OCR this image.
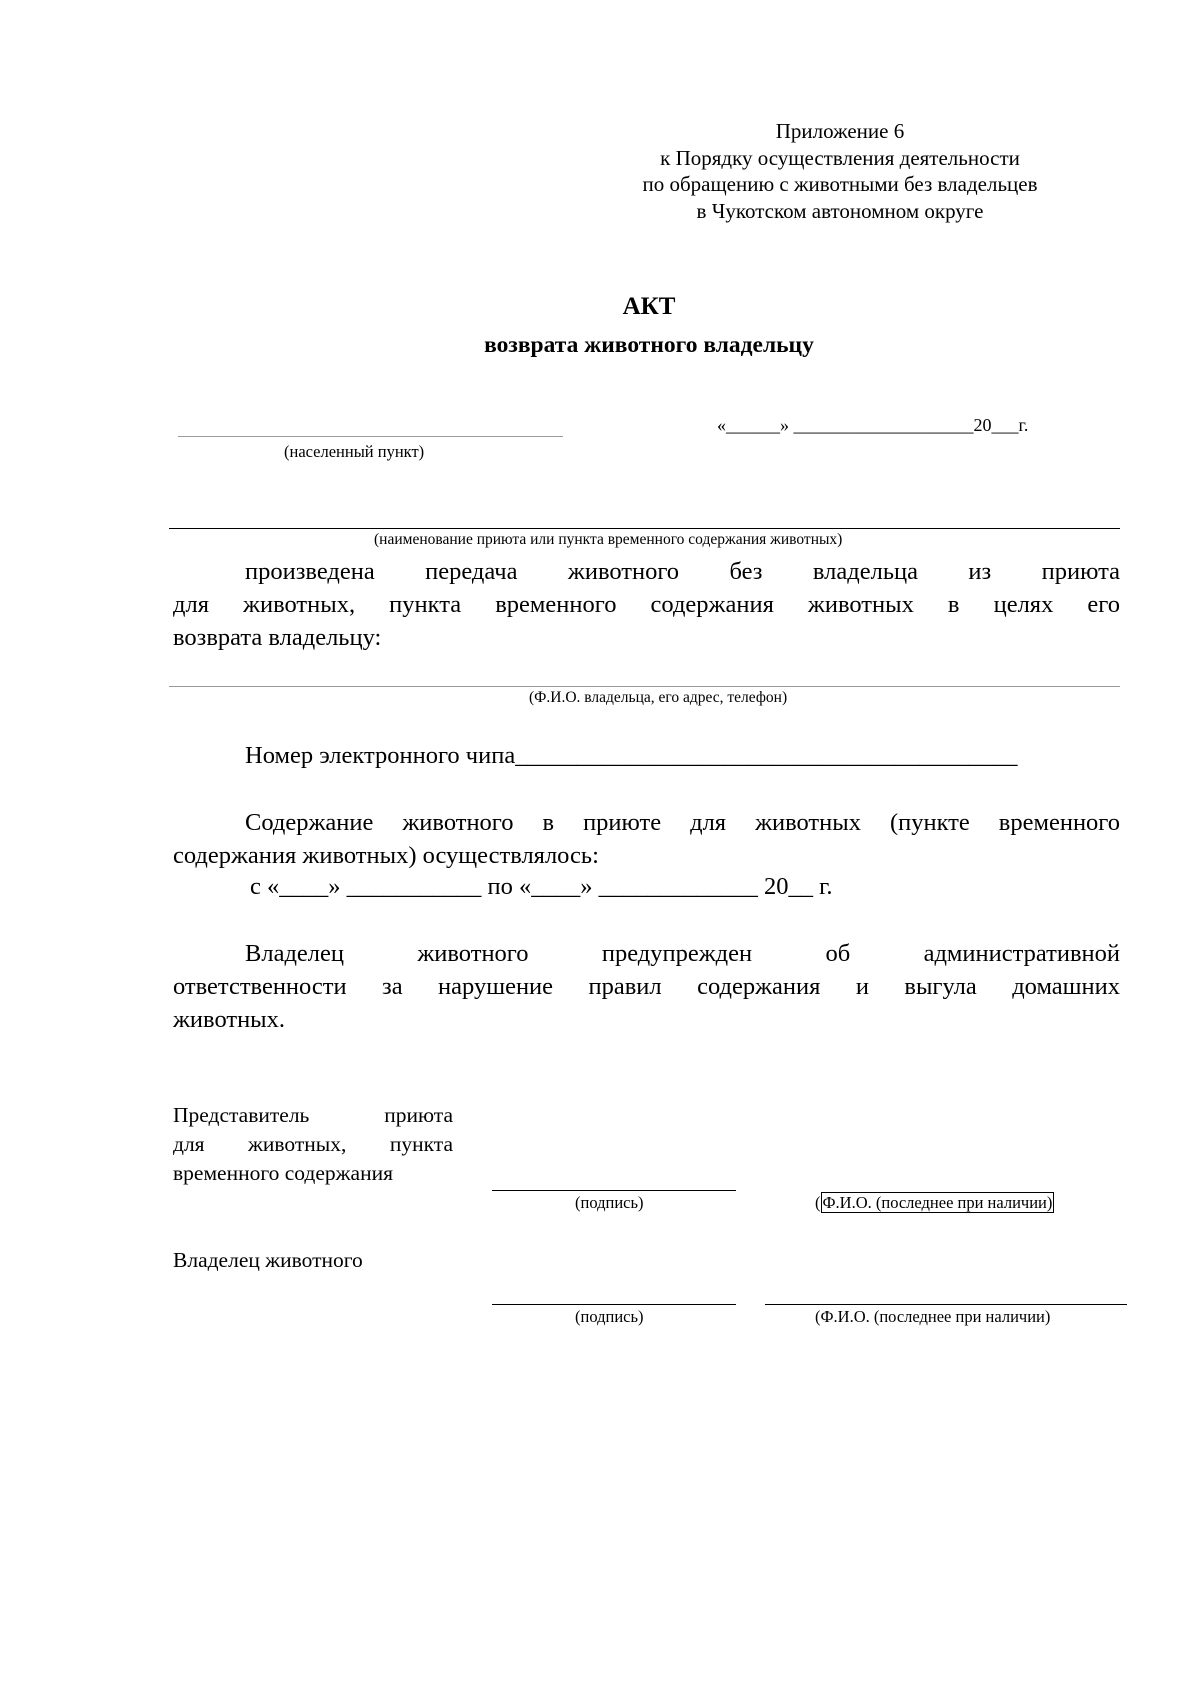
Приложение 6
к Порядку осуществления деятельности
по обращению с животными без владельцев
в Чукотском автономном округе
АКТ
возврата животного владельцу
(населенный пункт)
«______» ____________________20___г.
(наименование приюта или пункта временного содержания животных)
произведена передача животного без владельца из приюта
для животных, пункта временного содержания животных в целях его
возврата владельцу:
(Ф.И.О. владельца, его адрес, телефон)
Номер электронного чипа_________________________________________
Содержание животного в приюте для животных (пункте временного
содержания животных) осуществлялось:
с «____» ___________ по «____» _____________ 20__ г.
Владелец животного предупрежден об административной
ответственности за нарушение правил содержания и выгула домашних
животных.
Представитель приюта
для животных, пункта
временного содержания
(подпись)	( Ф.И.О. (последнее при наличии)
Владелец животного
(подпись)	(Ф.И.О. (последнее при наличии)
